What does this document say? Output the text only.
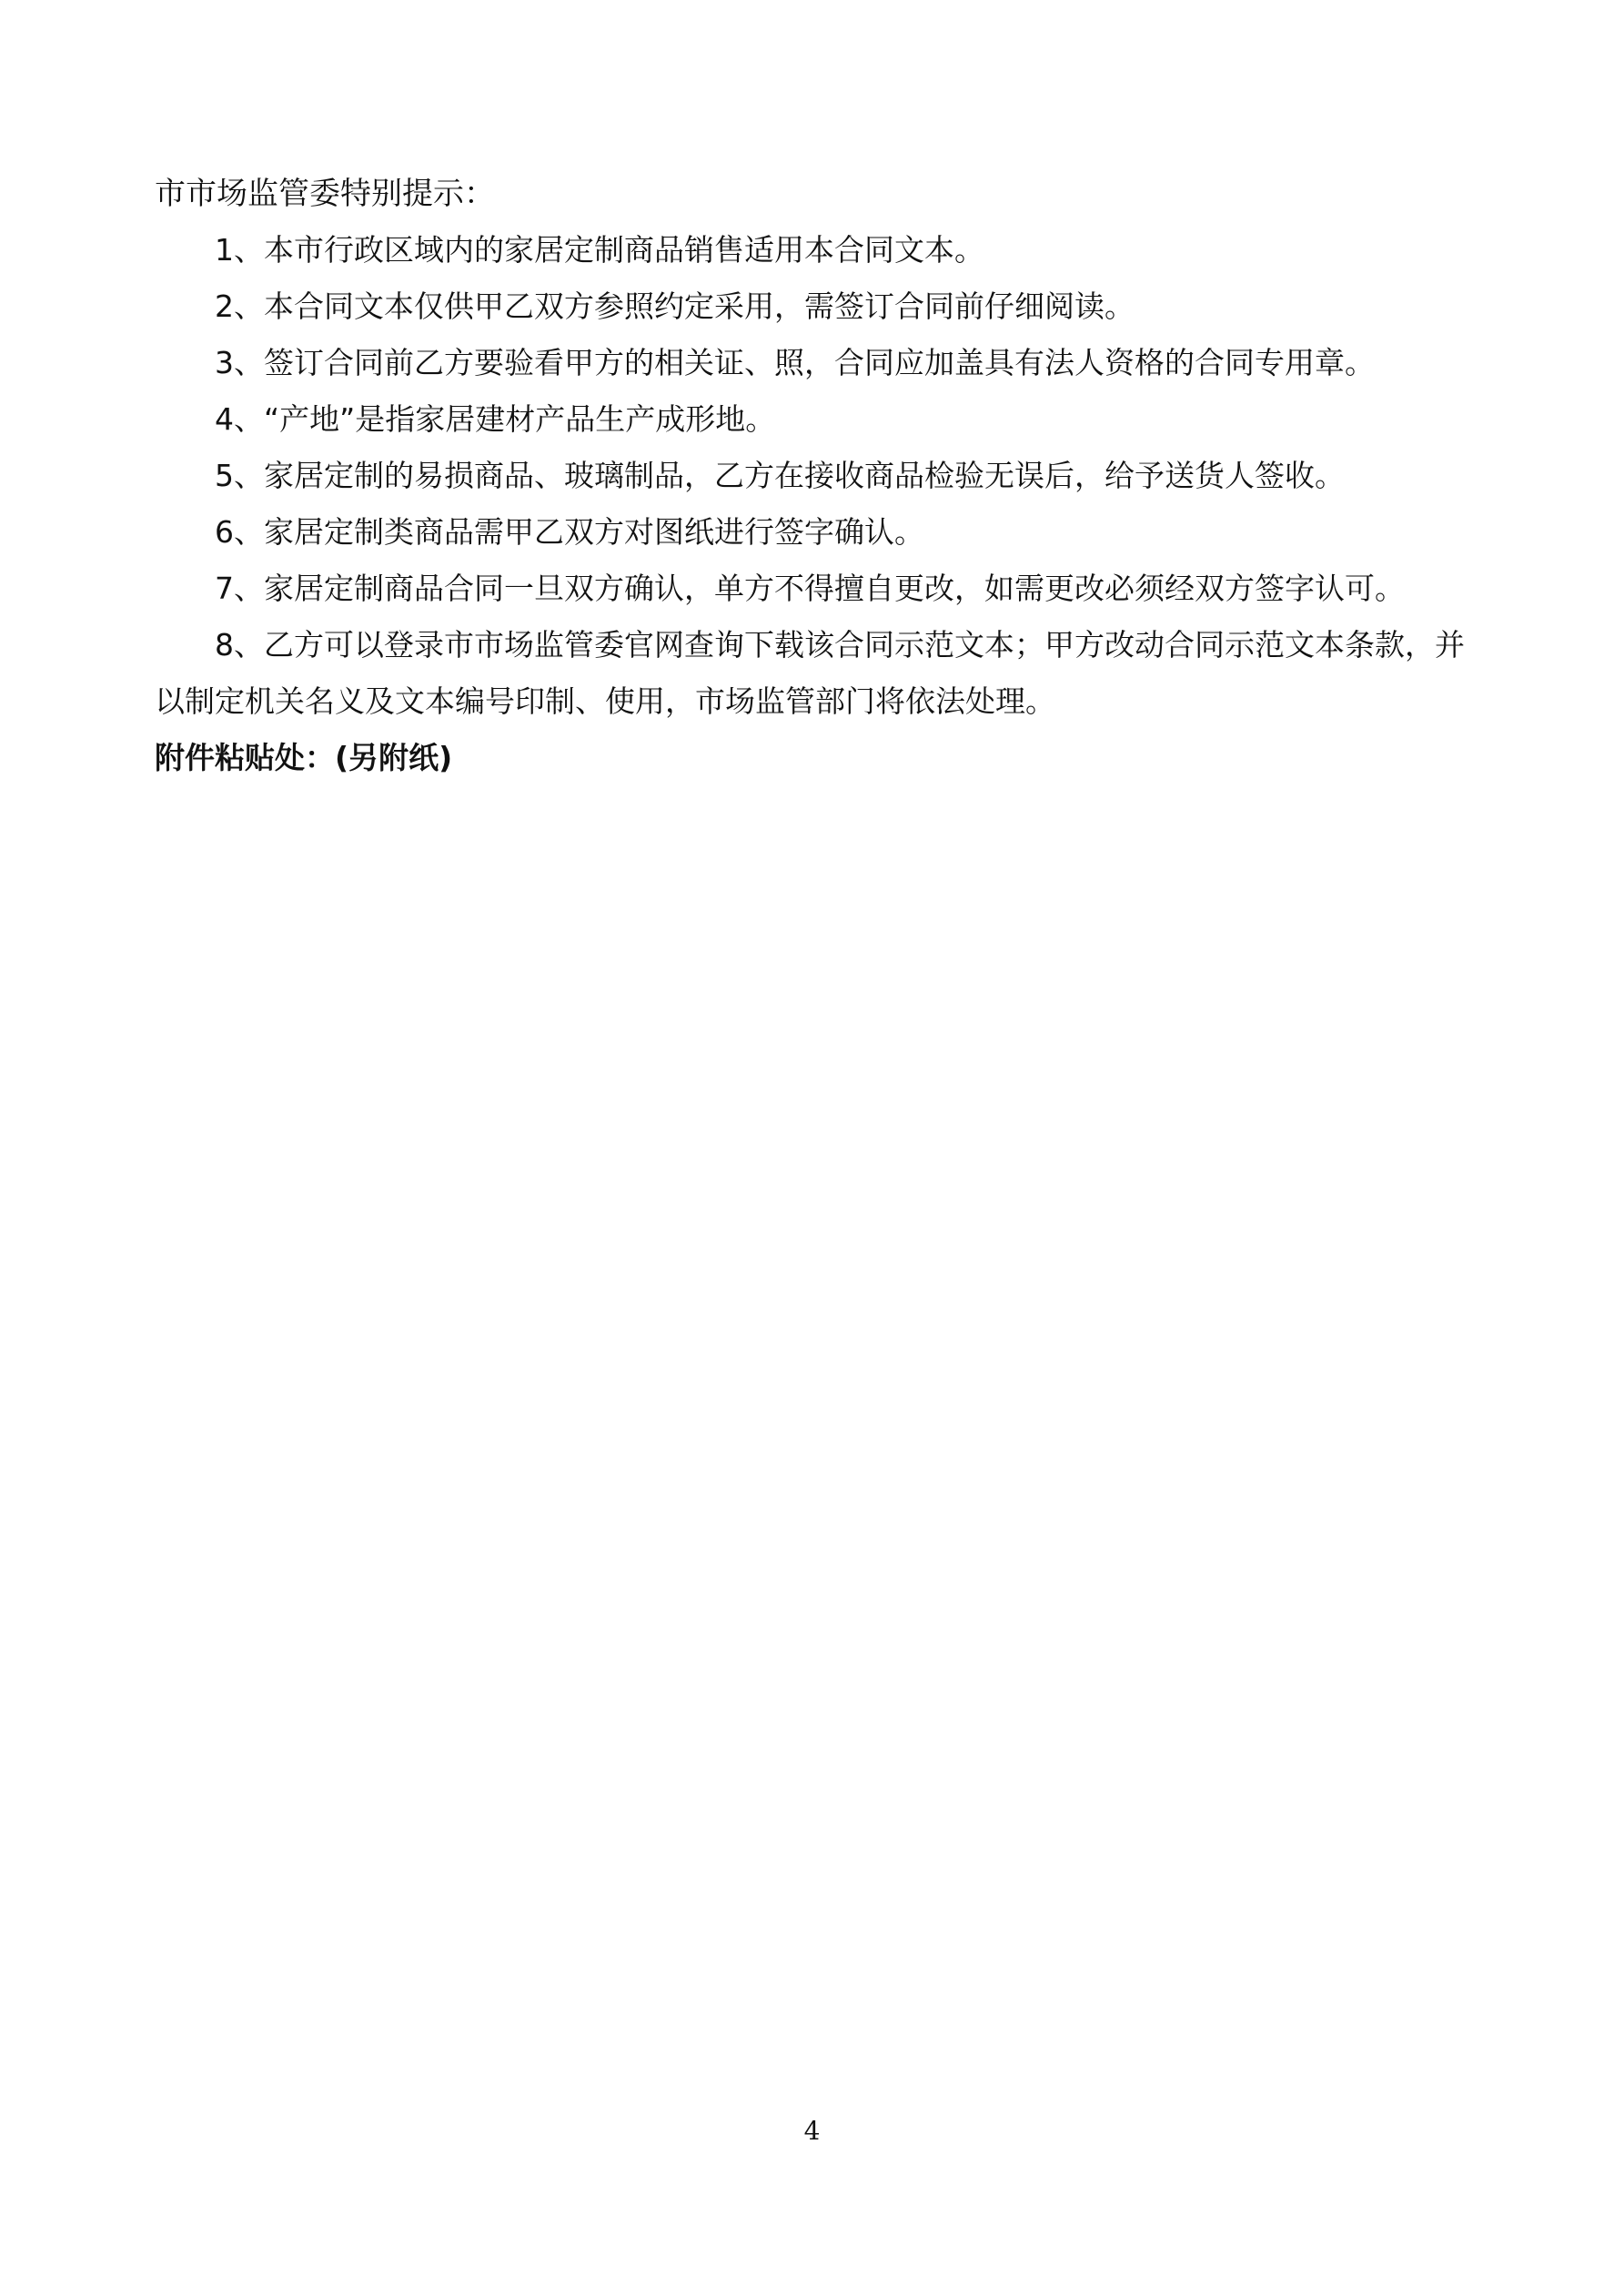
市市场监管委特别提示：

1、本市行政区域内的家居定制商品销售适用本合同文本。
2、本合同文本仅供甲乙双方参照约定采用，需签订合同前仔细阅读。
3、签订合同前乙方要验看甲方的相关证、照，合同应加盖具有法人资格的合同专用章。
4、“产地”是指家居建材产品生产成形地。
5、家居定制的易损商品、玻璃制品，乙方在接收商品检验无误后，给予送货人签收。
6、家居定制类商品需甲乙双方对图纸进行签字确认。
7、家居定制商品合同一旦双方确认，单方不得擅自更改，如需更改必须经双方签字认可。
8、乙方可以登录市市场监管委官网查询下载该合同示范文本；甲方改动合同示范文本条款，并以制定机关名义及文本编号印制、使用，市场监管部门将依法处理。

附件粘贴处：(另附纸)

4
